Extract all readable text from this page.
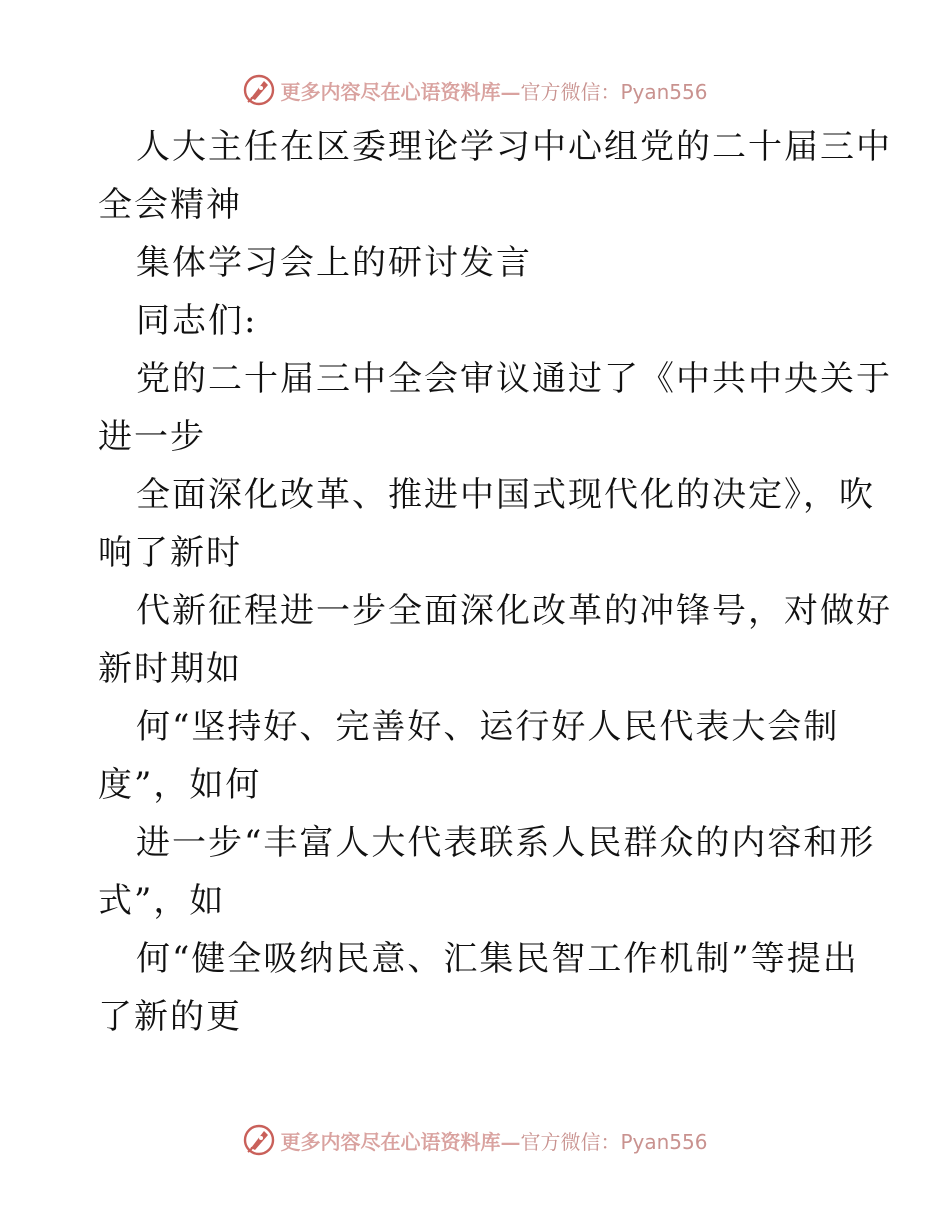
更多内容尽在心语资料库—官方微信：Pyan556
人大主任在区委理论学习中心组党的二十届三中
全会精神
集体学习会上的研讨发言
同志们:
党的二十届三中全会审议通过了《中共中央关于
进一步
全面深化改革、推进中国式现代化的决定》，吹
响了新时
代新征程进一步全面深化改革的冲锋号，对做好
新时期如
何“坚持好、完善好、运行好人民代表大会制
度”，如何
进一步“丰富人大代表联系人民群众的内容和形
式”，如
何“健全吸纳民意、汇集民智工作机制”等提出
了新的更
更多内容尽在心语资料库—官方微信：Pyan556
